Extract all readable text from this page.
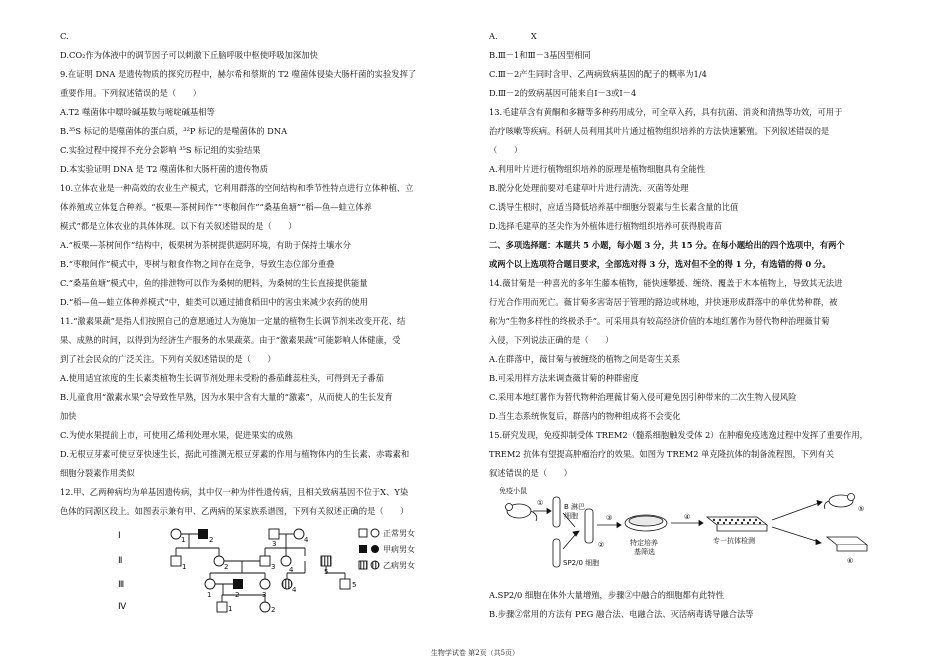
C.
D.CO₂作为体液中的调节因子可以刺激下丘脑呼吸中枢使呼吸加深加快
9.在证明 DNA 是遗传物质的探究历程中，赫尔希和蔡斯的 T2 噬菌体侵染大肠杆菌的实验发挥了
重要作用。下列叙述错误的是（　　）
A.T2 噬菌体中嘌呤碱基数与嘧啶碱基相等
B.³⁵S 标记的是噬菌体的蛋白质，³²P 标记的是噬菌体的 DNA
C.实验过程中搅拌不充分会影响 ³⁵S 标记组的实验结果
D.本实验证明 DNA 是 T2 噬菌体和大肠杆菌的遗传物质
10.立体农业是一种高效的农业生产模式，它利用群落的空间结构和季节性特点进行立体种植、立
体养殖或立体复合种养。“板栗—茶树间作”“枣粮间作”“桑基鱼塘”“稻—鱼—蛙立体养
模式”都是立体农业的具体体现。以下有关叙述错误的是（　　）
A.“板栗—茶树间作”结构中，板栗树为茶树提供遮阴环境，有助于保持土壤水分
B.“枣粮间作”模式中，枣树与粮食作物之间存在竞争，导致生态位部分重叠
C.“桑基鱼塘”模式中，鱼的排泄物可以作为桑树的肥料，为桑树的生长直接提供能量
D.“稻—鱼—蛙立体种养模式”中，蛙类可以通过捕食稻田中的害虫来减少农药的使用
11.“激素果蔬”是指人们按照自己的意愿通过人为施加一定量的植物生长调节剂来改变开花、结
果、成熟的时间，以得到为经济生产服务的水果蔬菜。由于“激素果蔬”可能影响人体健康，受
到了社会民众的广泛关注。下列有关叙述错误的是（　　）
A.使用适宜浓度的生长素类植物生长调节剂处理未受粉的番茄雌蕊柱头，可得到无子番茄
B.儿童食用“激素水果”会导致性早熟，因为水果中含有大量的“激素”，从而使人的生长发育
加快
C.为使水果提前上市，可使用乙烯利处理水果，促进果实的成熟
D.无根豆芽素可使豆芽快速生长，据此可推测无根豆芽素的作用与植物体内的生长素、赤霉素和
细胞分裂素作用类似
12.甲、乙两种病均为单基因遗传病，其中仅一种为伴性遗传病，且相关致病基因不位于X、Y染
色体的同源区段上。如图表示兼有甲、乙两病的某家族系谱图，下列有关叙述正确的是（　　）
Ⅰ
Ⅱ
Ⅲ
Ⅳ
1	2	3	4
1	2	3 4	5
1	2	3
4
5
1	2
正常男女
甲病男女
乙病男女
A.　　　　X
B.Ⅲ－1和Ⅲ－3基因型相同
C.Ⅲ－2产生同时含甲、乙两病致病基因的配子的概率为1/4
D.Ⅲ－2的致病基因可能来自Ⅰ－3或Ⅰ－4
13.毛建草含有黄酮和多糖等多种药用成分，可全草入药，具有抗菌、消炎和清热等功效，可用于
治疗咳嗽等疾病。科研人员利用其叶片通过植物组织培养的方法快速繁殖。下列叙述错误的是
（　　）
A.利用叶片进行植物组织培养的原理是植物细胞具有全能性
B.脱分化处理前要对毛建草叶片进行清洗、灭菌等处理
C.诱导生根时，应适当降低培养基中细胞分裂素与生长素含量的比值
D.选择毛建草的茎尖作为外植体进行植物组织培养可获得脱毒苗
二、多项选择题：本题共 5 小题，每小题 3 分，共 15 分。在每小题给出的四个选项中，有两个
或两个以上选项符合题目要求，全部选对得 3 分，选对但不全的得 1 分，有选错的得 0 分。
14.薇甘菊是一种喜光的多年生藤本植物，能快速攀援、缠绕、覆盖于木本植物上，导致其无法进
行光合作用而死亡。薇甘菊多害寄居于管理的路边或林地，并快速形成群落中的单优势种群，被
称为“生物多样性的终极杀手”。可采用具有较高经济价值的本地红薯作为替代物种治理薇甘菊
入侵，下列说法正确的是（　　）
A.在群落中，薇甘菊与被缠绕的植物之间是寄生关系
B.可采用样方法来调查薇甘菊的种群密度
C.采用本地红薯作为替代物种治理薇甘菊入侵可避免因引种带来的二次生物入侵风险
D.当生态系统恢复后，群落内的物种组成将不会变化
15.研究发现，免疫抑制受体 TREM2（髓系细胞触发受体 2）在肿瘤免疫逃逸过程中发挥了重要作用，
TREM2 抗体有望提高肿瘤治疗的效果。如图为 TREM2 单克隆抗体的制备流程图，下列有关
叙述错误的是（　　）
免疫小鼠
B 淋巴
细胞
SP2/0 细胞
特定培养
基筛选
专一抗体检测
①
②
③	④
⑤
⑥
A.SP2/0 细胞在体外大量增殖，步骤②中融合的细胞都有此特性
B.步骤②常用的方法有 PEG 融合法、电融合法、灭活病毒诱导融合法等
生物学试卷 第2页（共5页）
